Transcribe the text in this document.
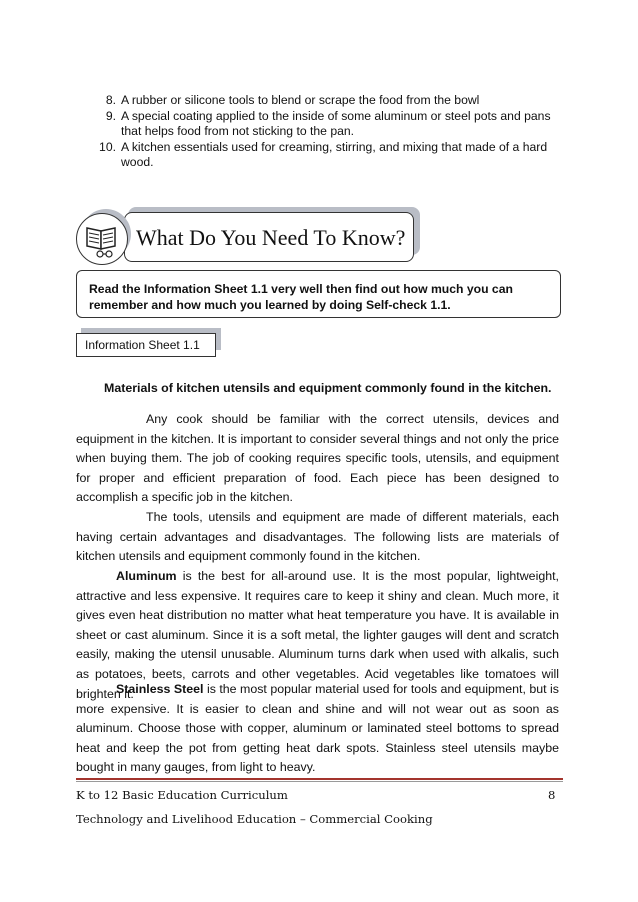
8. A rubber or silicone tools to blend or scrape the food from the bowl
9. A special coating applied to the inside of some aluminum or steel pots and pans that helps food from not sticking to the pan.
10. A kitchen essentials used for creaming, stirring, and mixing that made of a hard wood.
What Do You Need To Know?
Read the Information Sheet 1.1 very well then find out how much you can remember and how much you learned by doing Self-check 1.1.
Information Sheet 1.1
Materials of kitchen utensils and equipment commonly found in the kitchen.
Any cook should be familiar with the correct utensils, devices and equipment in the kitchen. It is important to consider several things and not only the price when buying them. The job of cooking requires specific tools, utensils, and equipment for proper and efficient preparation of food. Each piece has been designed to accomplish a specific job in the kitchen.
The tools, utensils and equipment are made of different materials, each having certain advantages and disadvantages. The following lists are materials of kitchen utensils and equipment commonly found in the kitchen.
Aluminum is the best for all-around use. It is the most popular, lightweight, attractive and less expensive. It requires care to keep it shiny and clean. Much more, it gives even heat distribution no matter what heat temperature you have. It is available in sheet or cast aluminum. Since it is a soft metal, the lighter gauges will dent and scratch easily, making the utensil unusable. Aluminum turns dark when used with alkalis, such as potatoes, beets, carrots and other vegetables. Acid vegetables like tomatoes will brighten it.
Stainless Steel is the most popular material used for tools and equipment, but is more expensive. It is easier to clean and shine and will not wear out as soon as aluminum. Choose those with copper, aluminum or laminated steel bottoms to spread heat and keep the pot from getting heat dark spots. Stainless steel utensils maybe bought in many gauges, from light to heavy.
K to 12 Basic Education Curriculum	8
Technology and Livelihood Education – Commercial Cooking
